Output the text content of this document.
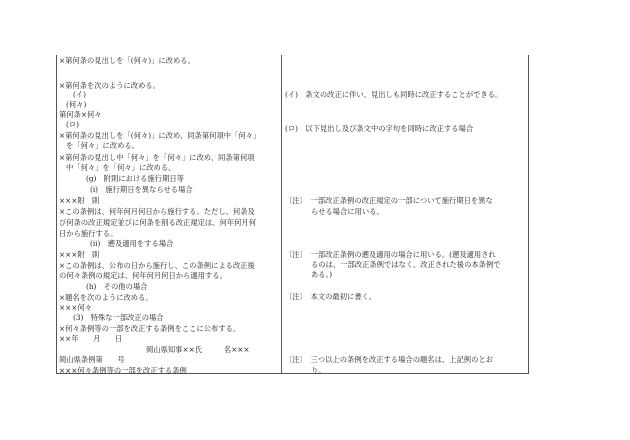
×第何条の見出しを「(何々)」に改める。
×第何条を次のように改める。
(イ)
(何々)
第何条×何々
(ロ)
×第何条の見出しを「(何々)」に改め、同条第何項中「何々」
を「何々」に改める。
×第何条の見出し中「何々」を「何々」に改め、同条第何項
中「何々」を「何々」に改める。
(g)　附則における施行期日等
(i)　施行期日を異ならせる場合
×××附　則
×この条例は、何年何月何日から施行する。ただし、何条及
び何条の改正規定並びに何条を削る改正規定は、何年何月何
日から施行する。
(ii)　遡及適用をする場合
×××附　則
×この条例は、公布の日から施行し、この条例による改正後
の何々条例の規定は、何年何月何日から適用する。
(h)　その他の場合
×題名を次のように改める。
×××何々
(3)　特殊な一部改正の場合
×何々条例等の一部を改正する条例をここに公布する。
××年　　月　　日
岡山県知事××氏　　　名×××
岡山県条例第　　号
×××何々条例等の一部を改正する条例
(イ)　条文の改正に伴い、見出しも同時に改正することができる。
(ロ)　以下見出し及び条文中の字句を同時に改正する場合
〔注〕　一部改正条例の改正規定の一部について施行期日を異な
らせる場合に用いる。
〔注〕　一部改正条例の遡及適用の場合に用いる。(遡及適用され
るのは、一部改正条例ではなく、改正された後の本条例で
ある。)
〔注〕　本文の最初に書く。
〔注〕　三つ以上の条例を改正する場合の題名は、上記例のとお
り。
